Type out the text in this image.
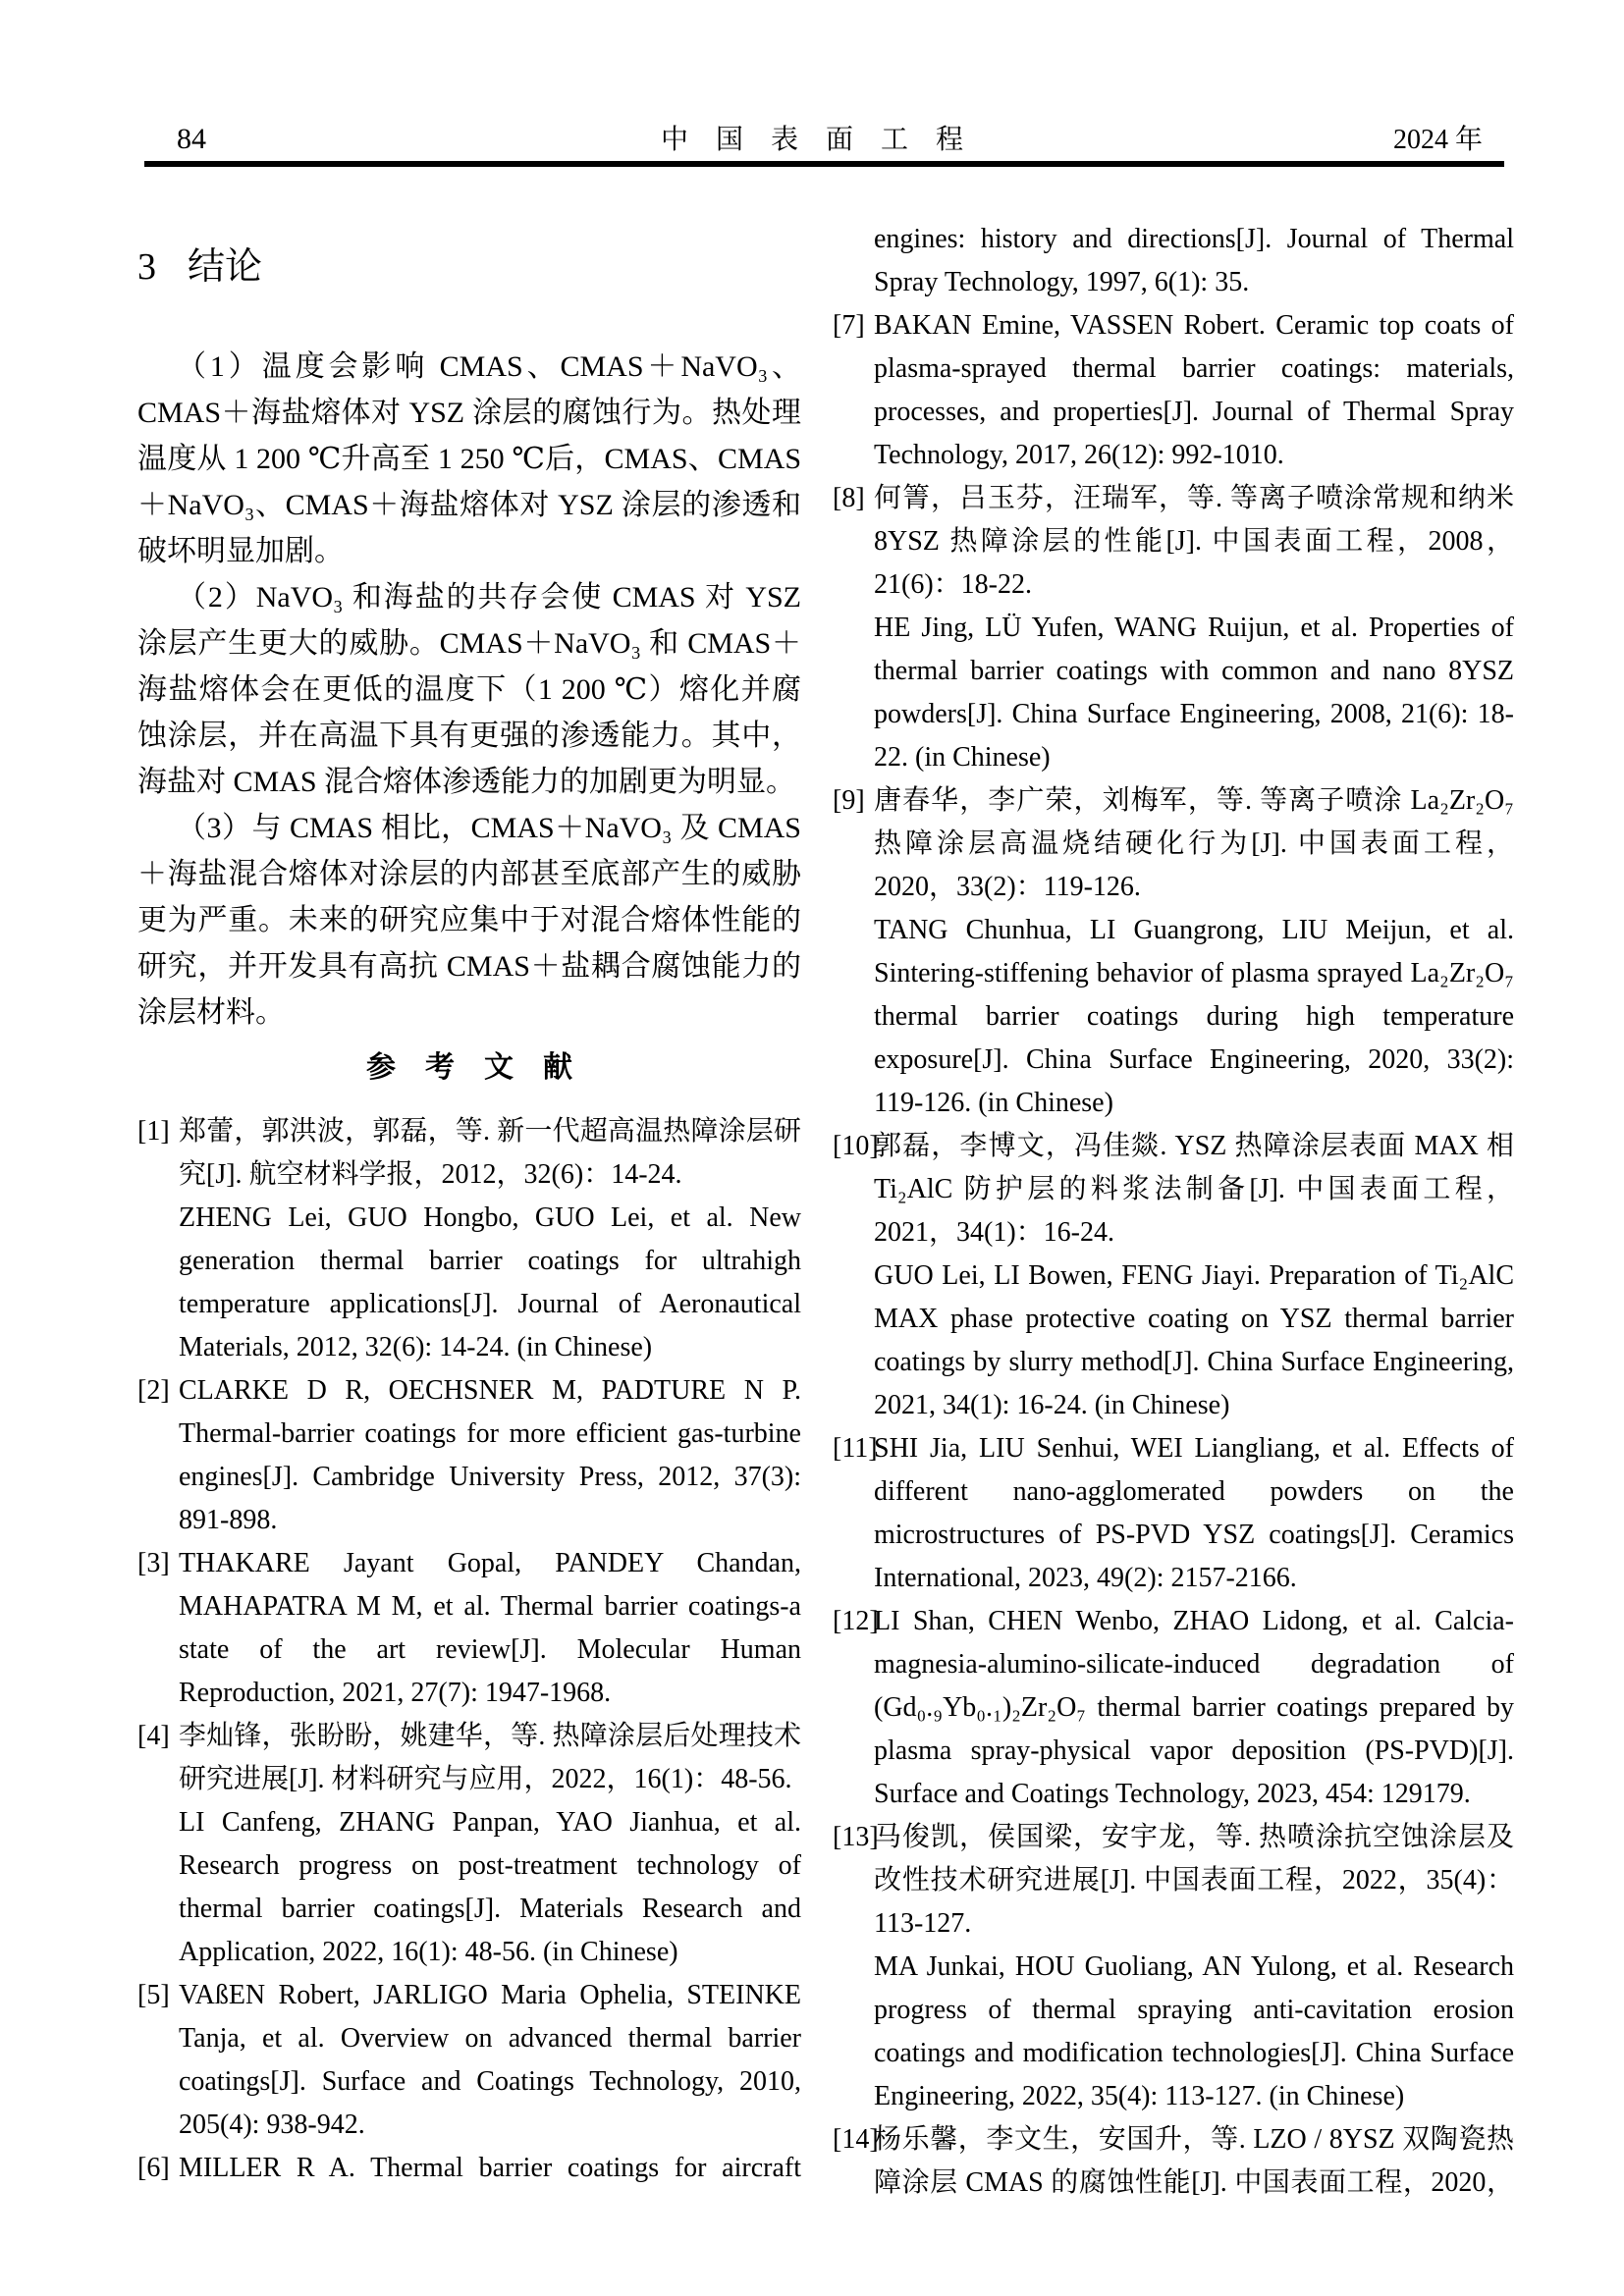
84	中　国　表　面　工　程	2024 年
3 结论

（1）温度会影响 CMAS、CMAS＋NaVO₃、CMAS＋海盐熔体对 YSZ 涂层的腐蚀行为。热处理温度从 1 200 ℃升高至 1 250 ℃后，CMAS、CMAS＋NaVO₃、CMAS＋海盐熔体对 YSZ 涂层的渗透和破坏明显加剧。

（2）NaVO₃ 和海盐的共存会使 CMAS 对 YSZ 涂层产生更大的威胁。CMAS＋NaVO₃ 和 CMAS＋海盐熔体会在更低的温度下（1 200 ℃）熔化并腐蚀涂层，并在高温下具有更强的渗透能力。其中，海盐对 CMAS 混合熔体渗透能力的加剧更为明显。

（3）与 CMAS 相比，CMAS＋NaVO₃ 及 CMAS＋海盐混合熔体对涂层的内部甚至底部产生的威胁更为严重。未来的研究应集中于对混合熔体性能的研究，并开发具有高抗 CMAS＋盐耦合腐蚀能力的涂层材料。

参　考　文　献
[1] 郑蕾，郭洪波，郭磊，等. 新一代超高温热障涂层研究[J]. 航空材料学报，2012，32(6)：14-24.
ZHENG Lei, GUO Hongbo, GUO Lei, et al. New generation thermal barrier coatings for ultrahigh temperature applications[J]. Journal of Aeronautical Materials, 2012, 32(6): 14-24. (in Chinese)
[2] CLARKE D R, OECHSNER M, PADTURE N P. Thermal-barrier coatings for more efficient gas-turbine engines[J]. Cambridge University Press, 2012, 37(3): 891-898.
[3] THAKARE Jayant Gopal, PANDEY Chandan, MAHAPATRA M M, et al. Thermal barrier coatings-a state of the art review[J]. Molecular Human Reproduction, 2021, 27(7): 1947-1968.
[4] 李灿锋，张盼盼，姚建华，等. 热障涂层后处理技术研究进展[J]. 材料研究与应用，2022，16(1)：48-56.
LI Canfeng, ZHANG Panpan, YAO Jianhua, et al. Research progress on post-treatment technology of thermal barrier coatings[J]. Materials Research and Application, 2022, 16(1): 48-56. (in Chinese)
[5] VAßEN Robert, JARLIGO Maria Ophelia, STEINKE Tanja, et al. Overview on advanced thermal barrier coatings[J]. Surface and Coatings Technology, 2010, 205(4): 938-942.
[6] MILLER R A. Thermal barrier coatings for aircraft
engines: history and directions[J]. Journal of Thermal Spray Technology, 1997, 6(1): 35.
[7] BAKAN Emine, VASSEN Robert. Ceramic top coats of plasma-sprayed thermal barrier coatings: materials, processes, and properties[J]. Journal of Thermal Spray Technology, 2017, 26(12): 992-1010.
[8] 何箐，吕玉芬，汪瑞军，等. 等离子喷涂常规和纳米 8YSZ 热障涂层的性能[J]. 中国表面工程，2008，21(6)：18-22.
HE Jing, LÜ Yufen, WANG Ruijun, et al. Properties of thermal barrier coatings with common and nano 8YSZ powders[J]. China Surface Engineering, 2008, 21(6): 18-22. (in Chinese)
[9] 唐春华，李广荣，刘梅军，等. 等离子喷涂 La₂Zr₂O₇ 热障涂层高温烧结硬化行为[J]. 中国表面工程，2020，33(2)：119-126.
TANG Chunhua, LI Guangrong, LIU Meijun, et al. Sintering-stiffening behavior of plasma sprayed La₂Zr₂O₇ thermal barrier coatings during high temperature exposure[J]. China Surface Engineering, 2020, 33(2): 119-126. (in Chinese)
[10]
郭磊，李博文，冯佳燚. YSZ 热障涂层表面 MAX 相 Ti₂AlC 防护层的料浆法制备[J]. 中国表面工程，2021，34(1)：16-24.
GUO Lei, LI Bowen, FENG Jiayi. Preparation of Ti₂AlC MAX phase protective coating on YSZ thermal barrier coatings by slurry method[J]. China Surface Engineering, 2021, 34(1): 16-24. (in Chinese)
[11]
SHI Jia, LIU Senhui, WEI Liangliang, et al. Effects of different nano-agglomerated powders on the microstructures of PS-PVD YSZ coatings[J]. Ceramics International, 2023, 49(2): 2157-2166.
[12]
LI Shan, CHEN Wenbo, ZHAO Lidong, et al. Calcia-magnesia-alumino-silicate-induced degradation of (Gd₀.₉Yb₀.₁)₂Zr₂O₇ thermal barrier coatings prepared by plasma spray-physical vapor deposition (PS-PVD)[J]. Surface and Coatings Technology, 2023, 454: 129179.
[13]
马俊凯，侯国梁，安宇龙，等. 热喷涂抗空蚀涂层及改性技术研究进展[J]. 中国表面工程，2022，35(4)：113-127.
MA Junkai, HOU Guoliang, AN Yulong, et al. Research progress of thermal spraying anti-cavitation erosion coatings and modification technologies[J]. China Surface Engineering, 2022, 35(4): 113-127. (in Chinese)
[14]
杨乐馨，李文生，安国升，等. LZO / 8YSZ 双陶瓷热障涂层 CMAS 的腐蚀性能[J]. 中国表面工程，2020，
